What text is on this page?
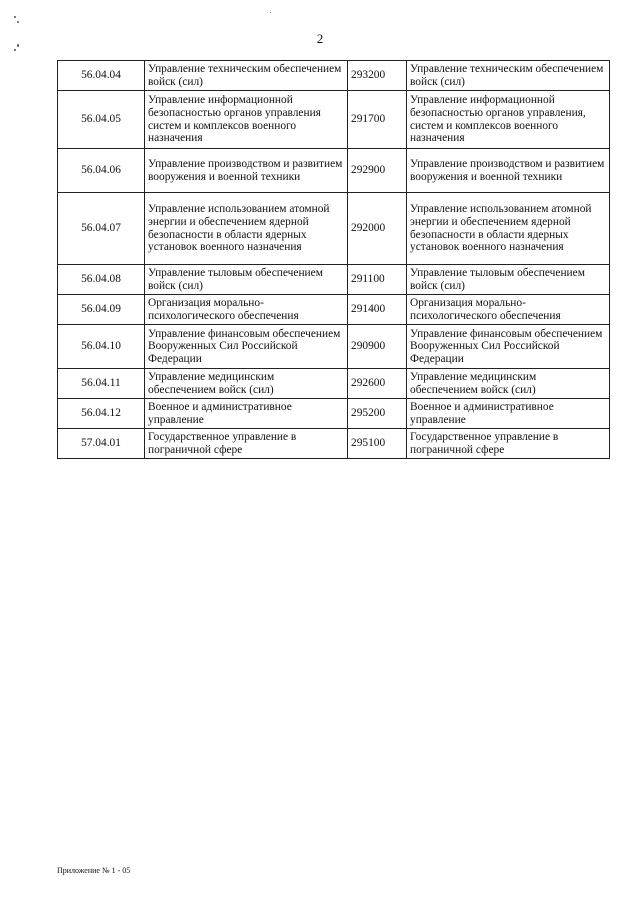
2
56.04.04	Управление техническим обеспечением войск (сил)	293200	Управление техническим обеспечением войск (сил)
56.04.05	Управление информационной безопасностью органов управления систем и комплексов военного назначения	291700	Управление информационной безопасностью органов управления, систем и комплексов военного назначения
56.04.06	Управление производством и развитием вооружения и военной техники	292900	Управление производством и развитием вооружения и военной техники
56.04.07	Управление использованием атомной энергии и обеспечением ядерной безопасности в области ядерных установок военного назначения	292000	Управление использованием атомной энергии и обеспечением ядерной безопасности в области ядерных установок военного назначения
56.04.08	Управление тыловым обеспечением войск (сил)	291100	Управление тыловым обеспечением войск (сил)
56.04.09	Организация морально-психологического обеспечения	291400	Организация морально-психологического обеспечения
56.04.10	Управление финансовым обеспечением Вооруженных Сил Российской Федерации	290900	Управление финансовым обеспечением Вооруженных Сил Российской Федерации
56.04.11	Управление медицинским обеспечением войск (сил)	292600	Управление медицинским обеспечением войск (сил)
56.04.12	Военное и административное управление	295200	Военное и административное управление
57.04.01	Государственное управление в пограничной сфере	295100	Государственное управление в пограничной сфере
Приложение № 1 - 05
